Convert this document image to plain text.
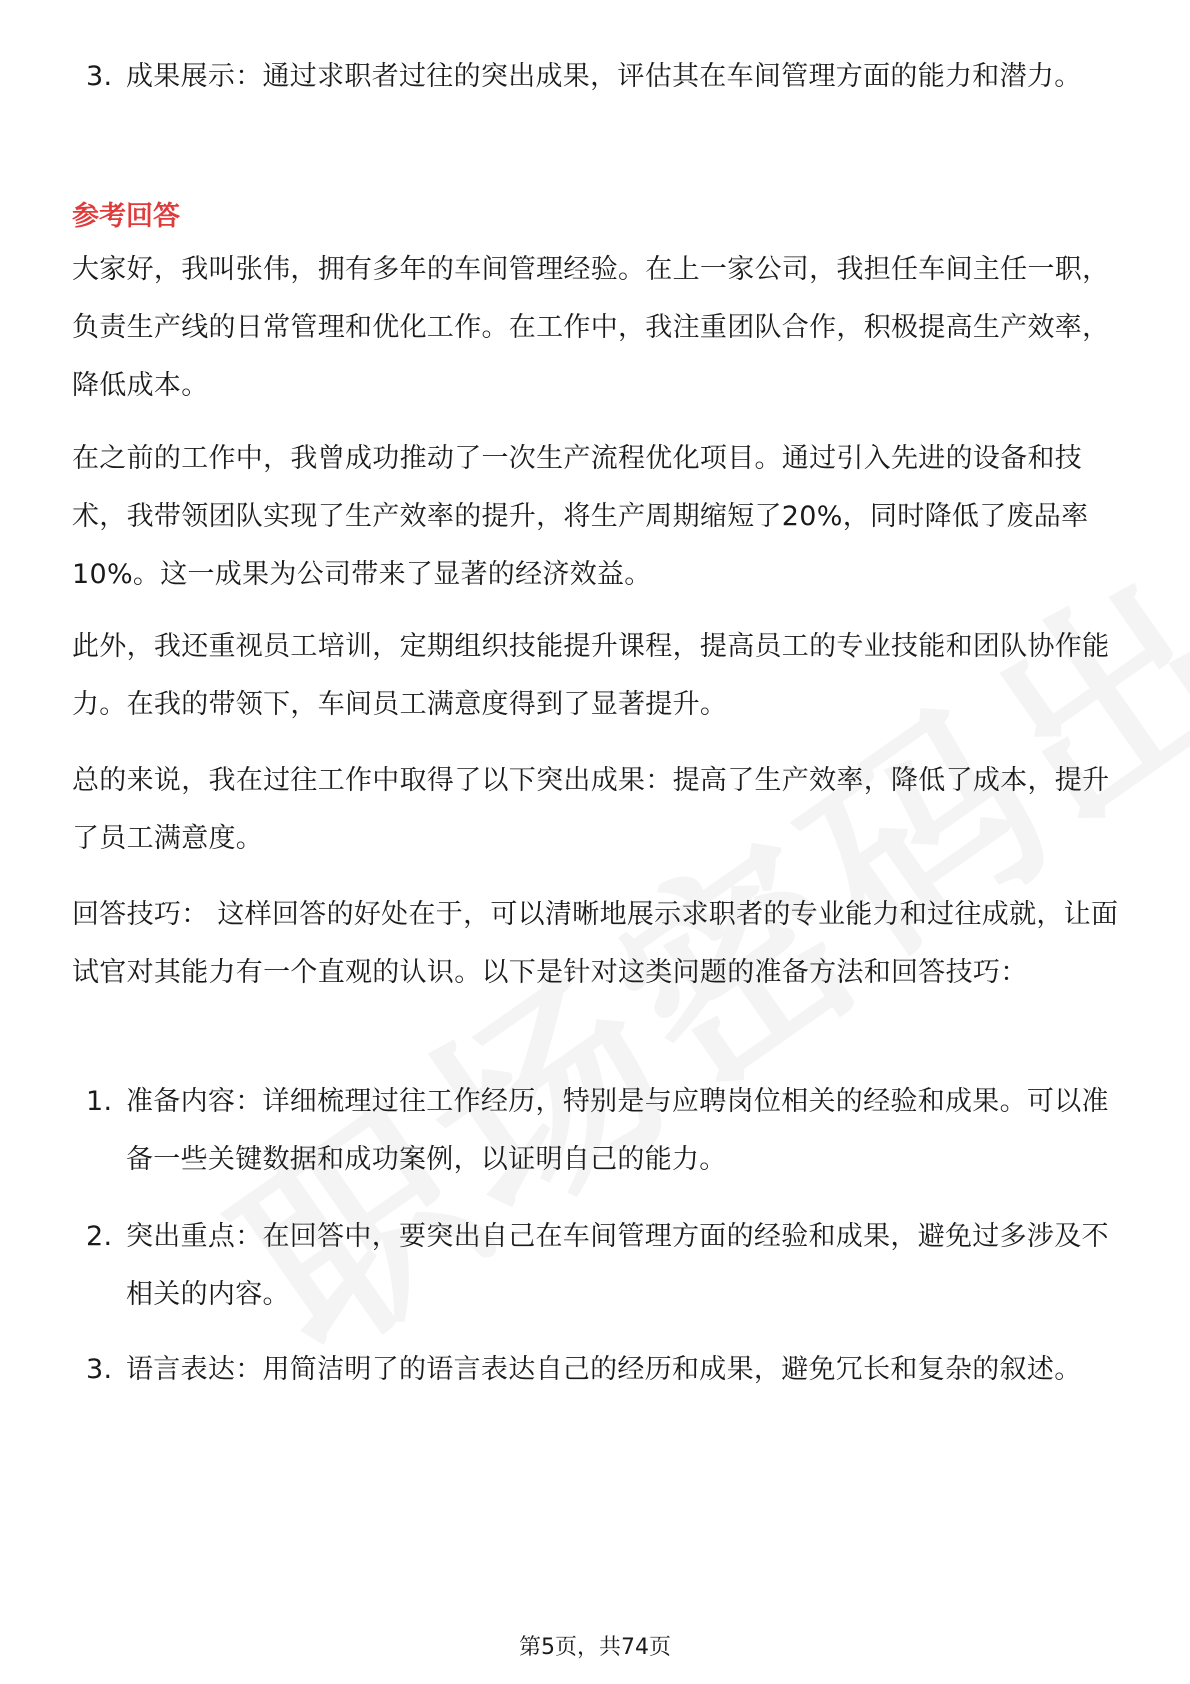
3. 成果展示：通过求职者过往的突出成果，评估其在车间管理方面的能力和潜力。
参考回答
大家好，我叫张伟，拥有多年的车间管理经验。在上一家公司，我担任车间主任一职，负责生产线的日常管理和优化工作。在工作中，我注重团队合作，积极提高生产效率，降低成本。
在之前的工作中，我曾成功推动了一次生产流程优化项目。通过引入先进的设备和技术，我带领团队实现了生产效率的提升，将生产周期缩短了20%，同时降低了废品率10%。这一成果为公司带来了显著的经济效益。
此外，我还重视员工培训，定期组织技能提升课程，提高员工的专业技能和团队协作能力。在我的带领下，车间员工满意度得到了显著提升。
总的来说，我在过往工作中取得了以下突出成果：提高了生产效率，降低了成本，提升了员工满意度。
回答技巧： 这样回答的好处在于，可以清晰地展示求职者的专业能力和过往成就，让面试官对其能力有一个直观的认识。以下是针对这类问题的准备方法和回答技巧：
1. 准备内容：详细梳理过往工作经历，特别是与应聘岗位相关的经验和成果。可以准备一些关键数据和成功案例，以证明自己的能力。
2. 突出重点：在回答中，要突出自己在车间管理方面的经验和成果，避免过多涉及不相关的内容。
3. 语言表达：用简洁明了的语言表达自己的经历和成果，避免冗长和复杂的叙述。
第5页，共74页
